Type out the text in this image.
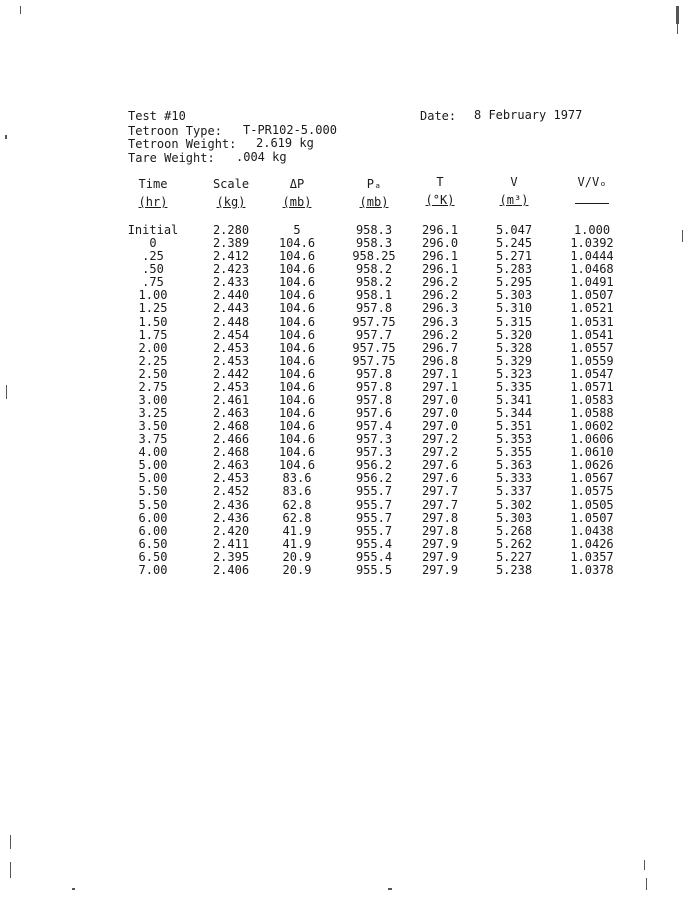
Test #10	Date: 8 February 1977
Tetroon Type: T-PR102-5.000
Tetroon Weight: 2.619 kg
Tare Weight: .004 kg
Time
(hr)
Initial
0
.25
.50
.75
1.00
1.25
1.50
1.75
2.00
2.25
2.50
2.75
3.00
3.25
3.50
3.75
4.00
5.00
5.00
5.50
5.50
6.00
6.00
6.50
6.50
7.00
Scale
(kg)
2.280
2.389
2.412
2.423
2.433
2.440
2.443
2.448
2.454
2.453
2.453
2.442
2.453
2.461
2.463
2.468
2.466
2.468
2.463
2.453
2.452
2.436
2.436
2.420
2.411
2.395
2.406
ΔP
(mb)
5
104.6
104.6
104.6
104.6
104.6
104.6
104.6
104.6
104.6
104.6
104.6
104.6
104.6
104.6
104.6
104.6
104.6
104.6
83.6
83.6
62.8
62.8
41.9
41.9
20.9
20.9
Pₐ
(mb)
958.3
958.3
958.25
958.2
958.2
958.1
957.8
957.75
957.7
957.75
957.75
957.8
957.8
957.8
957.6
957.4
957.3
957.3
956.2
956.2
955.7
955.7
955.7
955.7
955.4
955.4
955.5
T
(°K)
296.1
296.0
296.1
296.1
296.2
296.2
296.3
296.3
296.2
296.7
296.8
297.1
297.1
297.0
297.0
297.0
297.2
297.2
297.6
297.6
297.7
297.7
297.8
297.8
297.9
297.9
297.9
V
(m³)
5.047
5.245
5.271
5.283
5.295
5.303
5.310
5.315
5.320
5.328
5.329
5.323
5.335
5.341
5.344
5.351
5.353
5.355
5.363
5.333
5.337
5.302
5.303
5.268
5.262
5.227
5.238
V/Vₒ
1.000
1.0392
1.0444
1.0468
1.0491
1.0507
1.0521
1.0531
1.0541
1.0557
1.0559
1.0547
1.0571
1.0583
1.0588
1.0602
1.0606
1.0610
1.0626
1.0567
1.0575
1.0505
1.0507
1.0438
1.0426
1.0357
1.0378
